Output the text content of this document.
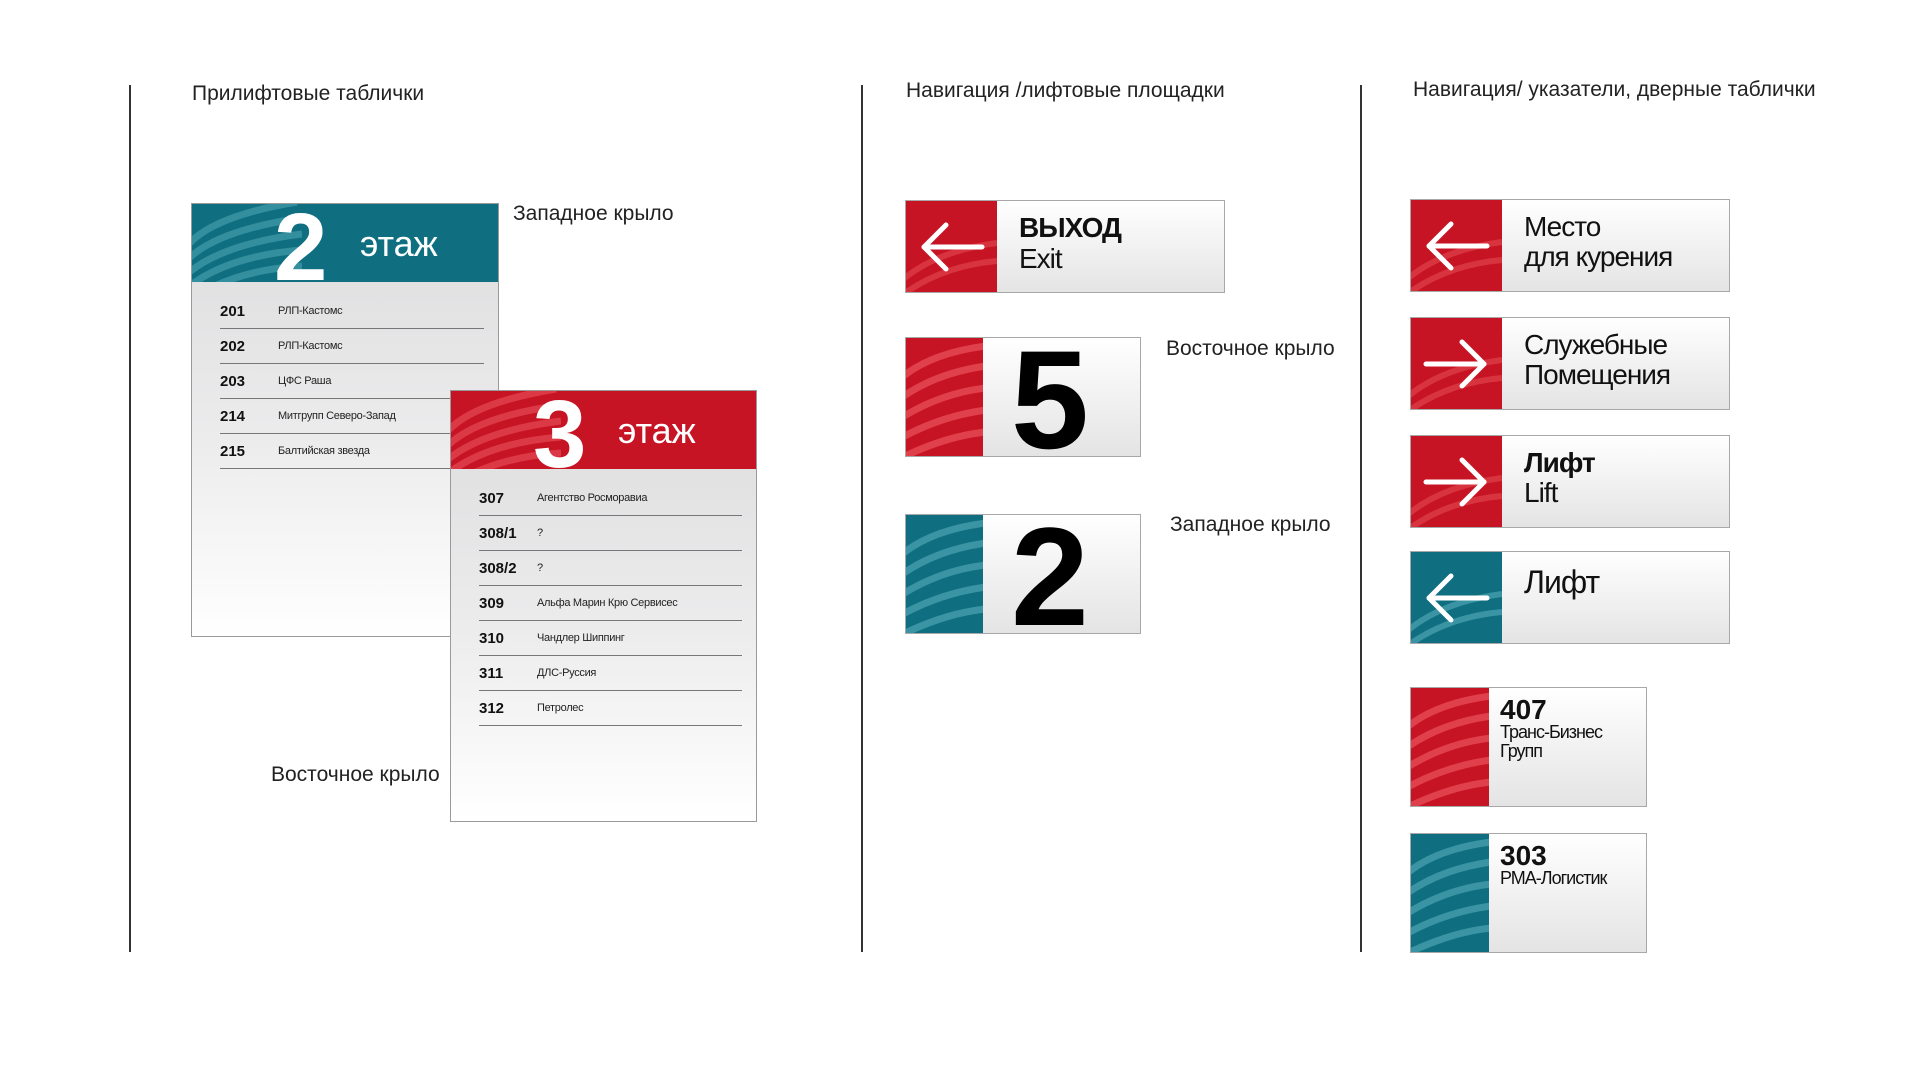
Прилифтовые таблички	Навигация /лифтовые площадки	Навигация/ указатели, дверные таблички
2 этаж
201	РЛП-Кастомс
202	РЛП-Кастомс
203	ЦФС Раша
214	Митгрупп Северо-Запад
215	Балтийская звезда 3 этаж
307	Агентство Росморавиа
308/1	?
308/2	?
309	Альфа Марин Крю Сервисес
310	Чандлер Шиппинг
311	ДЛС-Руссия
312	Петролес
Западное крыло
Восточное крыло
Восточное крыло
Западное крыло
ВЫХОД
Exit
5
2
Место
для курения
Служебные
Помещения
Лифт
Lift
Лифт
407
Транс-Бизнес
Групп
303
РМА-Логистик
